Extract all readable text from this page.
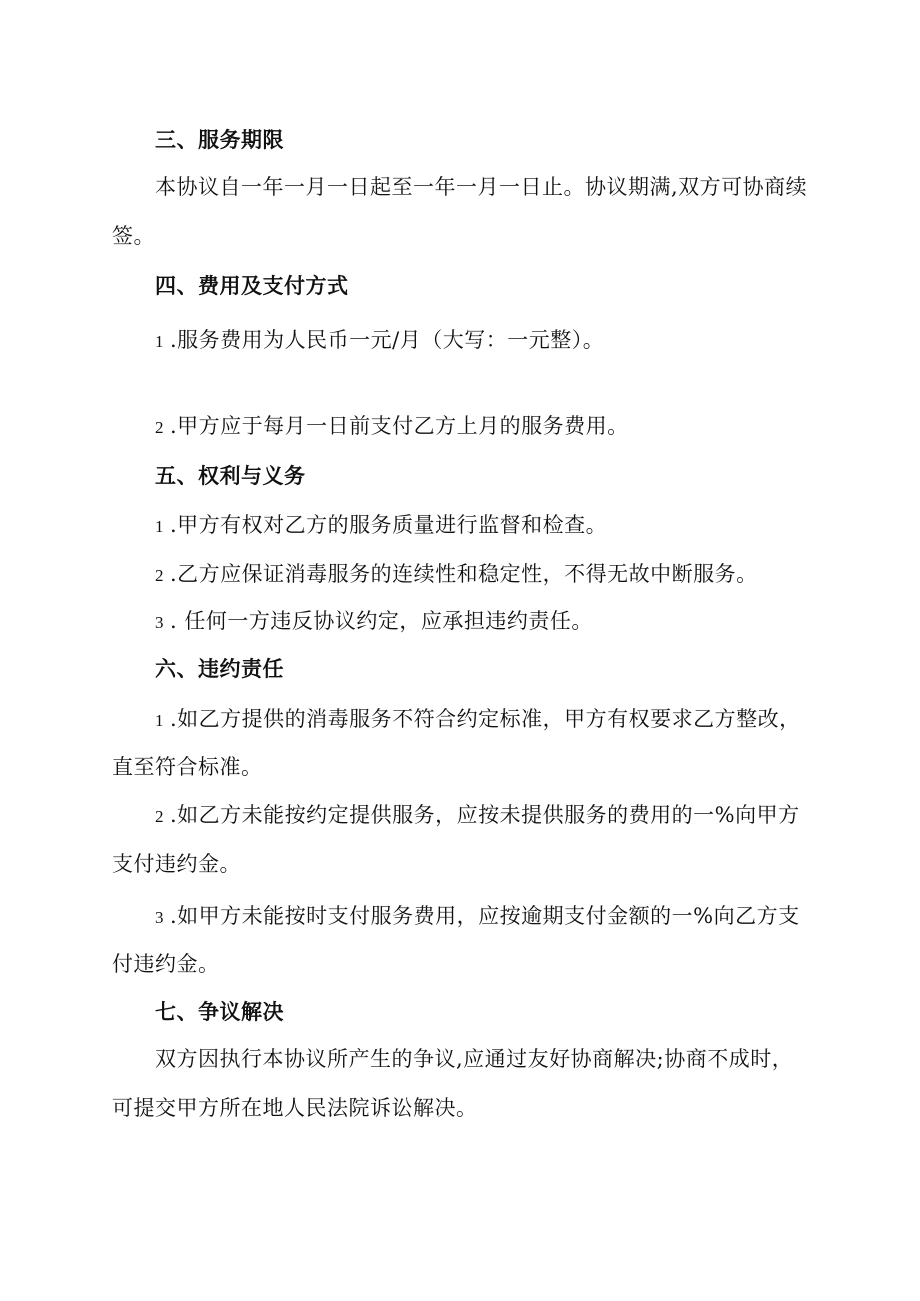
三、服务期限
本协议自一年一月一日起至一年一月一日止。协议期满,双方可协商续
签。
四、费用及支付方式
1 .服务费用为人民币一元/月（大写：一元整）。
2 .甲方应于每月一日前支付乙方上月的服务费用。
五、权利与义务
1 .甲方有权对乙方的服务质量进行监督和检查。
2 .乙方应保证消毒服务的连续性和稳定性，不得无故中断服务。
3 . 任何一方违反协议约定，应承担违约责任。
六、违约责任
1 .如乙方提供的消毒服务不符合约定标准，甲方有权要求乙方整改，
直至符合标准。
2 .如乙方未能按约定提供服务，应按未提供服务的费用的一%向甲方
支付违约金。
3 .如甲方未能按时支付服务费用，应按逾期支付金额的一%向乙方支
付违约金。
七、争议解决
双方因执行本协议所产生的争议,应通过友好协商解决;协商不成时，
可提交甲方所在地人民法院诉讼解决。
